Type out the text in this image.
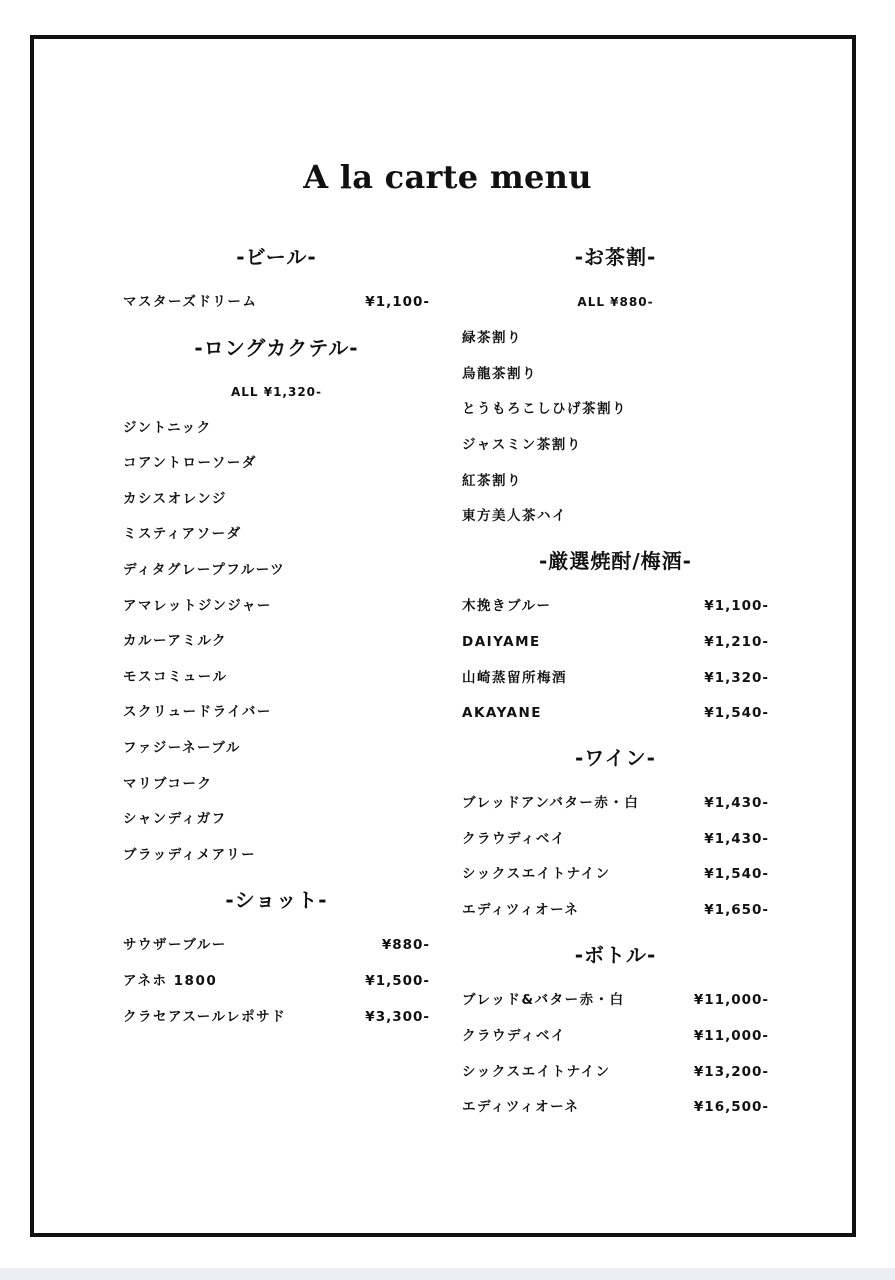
A la carte menu
-ビール-
マスターズドリーム	¥1,100-
-ロングカクテル-
ALL ¥1,320-
ジントニック
コアントローソーダ
カシスオレンジ
ミスティアソーダ
ディタグレープフルーツ
アマレットジンジャー
カルーアミルク
モスコミュール
スクリュードライバー
ファジーネーブル
マリブコーク
シャンディガフ
ブラッディメアリー
-ショット-
サウザーブルー	¥880-
アネホ 1800	¥1,500-
クラセアスールレポサド	¥3,300-
-お茶割-
ALL ¥880-
緑茶割り
烏龍茶割り
とうもろこしひげ茶割り
ジャスミン茶割り
紅茶割り
東方美人茶ハイ
-厳選焼酎/梅酒-
木挽きブルー	¥1,100-
DAIYAME	¥1,210-
山崎蒸留所梅酒	¥1,320-
AKAYANE	¥1,540-
-ワイン-
ブレッドアンバター赤・白	¥1,430-
クラウディベイ	¥1,430-
シックスエイトナイン	¥1,540-
エディツィオーネ	¥1,650-
-ボトル-
ブレッド&バター赤・白	¥11,000-
クラウディベイ	¥11,000-
シックスエイトナイン	¥13,200-
エディツィオーネ	¥16,500-
